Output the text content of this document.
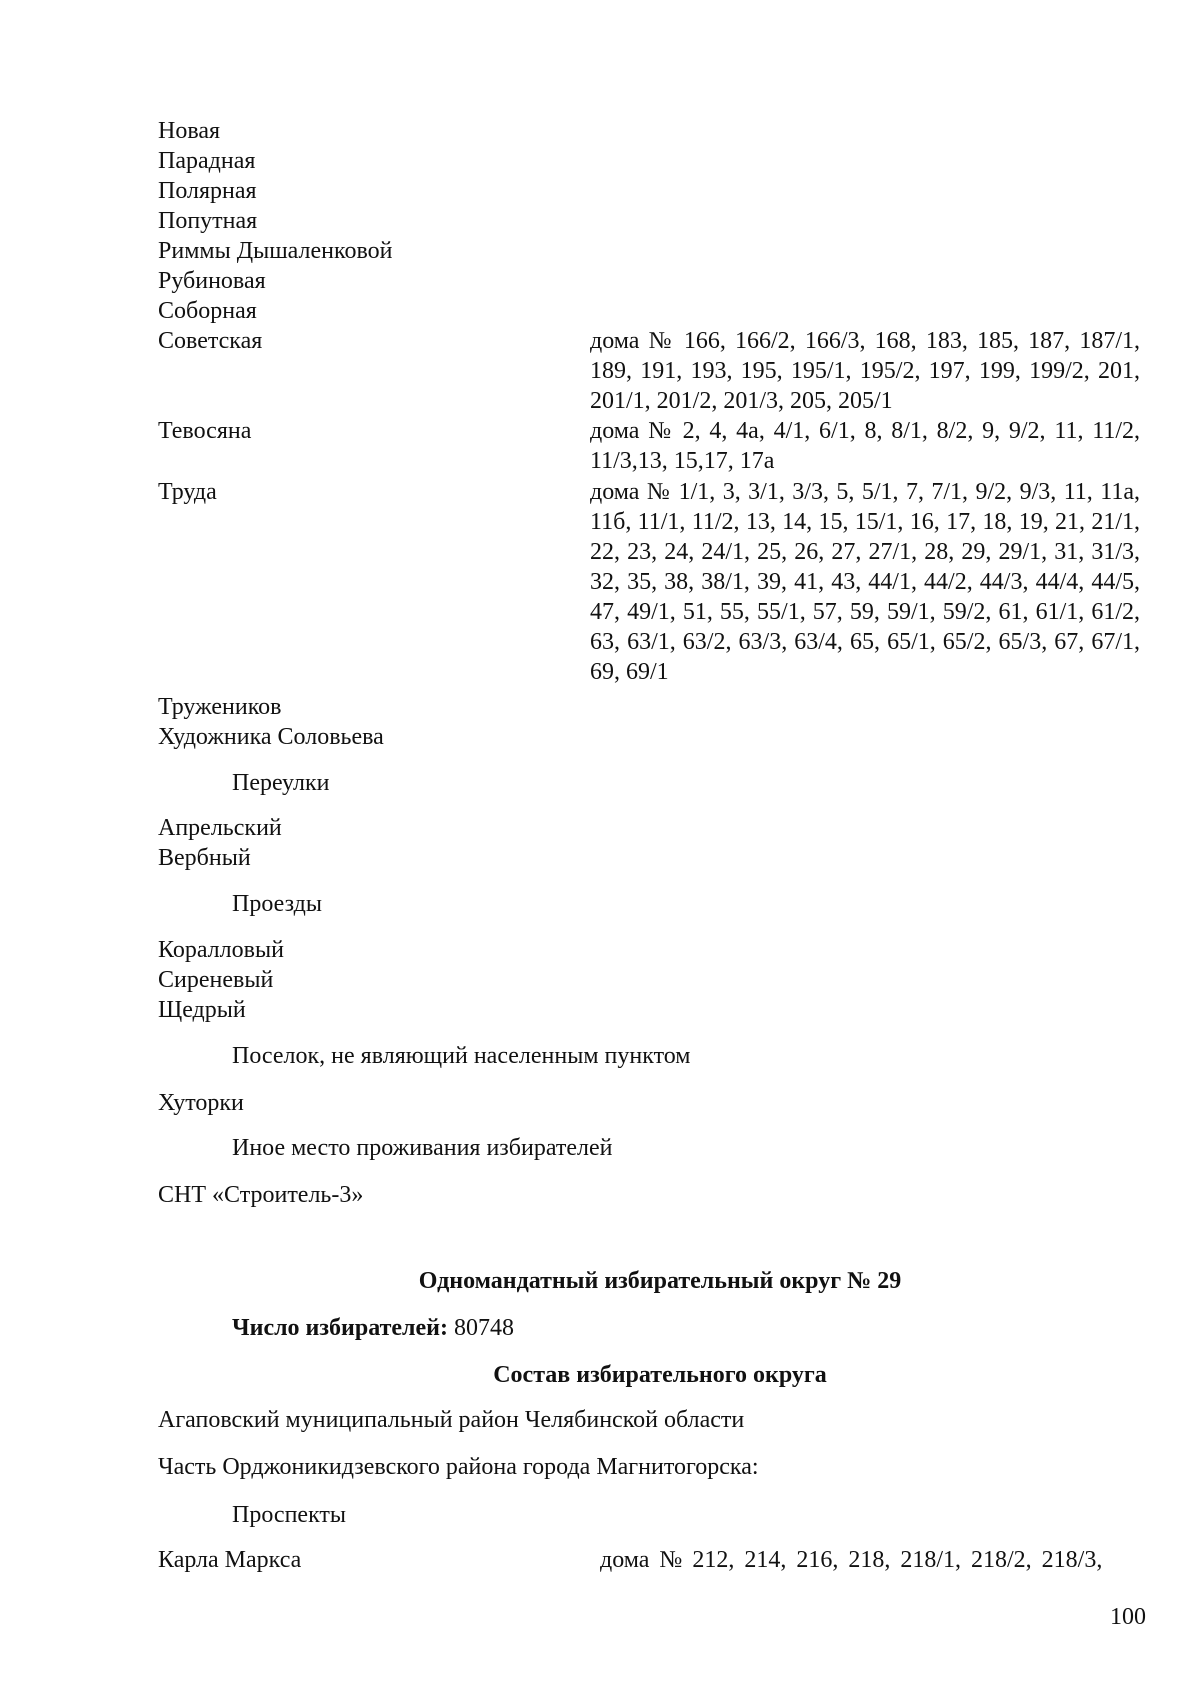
Новая
Парадная
Полярная
Попутная
Риммы Дышаленковой
Рубиновая
Соборная
Советская	дома № 166, 166/2, 166/3, 168, 183, 185, 187, 187/1, 189, 191, 193, 195, 195/1, 195/2, 197, 199, 199/2, 201, 201/1, 201/2, 201/3, 205, 205/1
Тевосяна	дома № 2, 4, 4а, 4/1, 6/1, 8, 8/1, 8/2, 9, 9/2, 11, 11/2, 11/3,13, 15,17, 17а
Труда	дома № 1/1, 3, 3/1, 3/3, 5, 5/1, 7, 7/1, 9/2, 9/3, 11, 11а, 11б, 11/1, 11/2, 13, 14, 15, 15/1, 16, 17, 18, 19, 21, 21/1, 22, 23, 24, 24/1, 25, 26, 27, 27/1, 28, 29, 29/1, 31, 31/3, 32, 35, 38, 38/1, 39, 41, 43, 44/1, 44/2, 44/3, 44/4, 44/5, 47, 49/1, 51, 55, 55/1, 57, 59, 59/1, 59/2, 61, 61/1, 61/2, 63, 63/1, 63/2, 63/3, 63/4, 65, 65/1, 65/2, 65/3, 67, 67/1, 69, 69/1
Тружеников
Художника Соловьева
Переулки
Апрельский
Вербный
Проезды
Коралловый
Сиреневый
Щедрый
Поселок, не являющий населенным пунктом
Хуторки
Иное место проживания избирателей
СНТ «Строитель-3»
Одномандатный избирательный округ № 29
Число избирателей: 80748
Состав избирательного округа
Агаповский муниципальный район Челябинской области
Часть Орджоникидзевского района города Магнитогорска:
Проспекты
Карла Маркса	дома № 212, 214, 216, 218, 218/1, 218/2, 218/3,
100
